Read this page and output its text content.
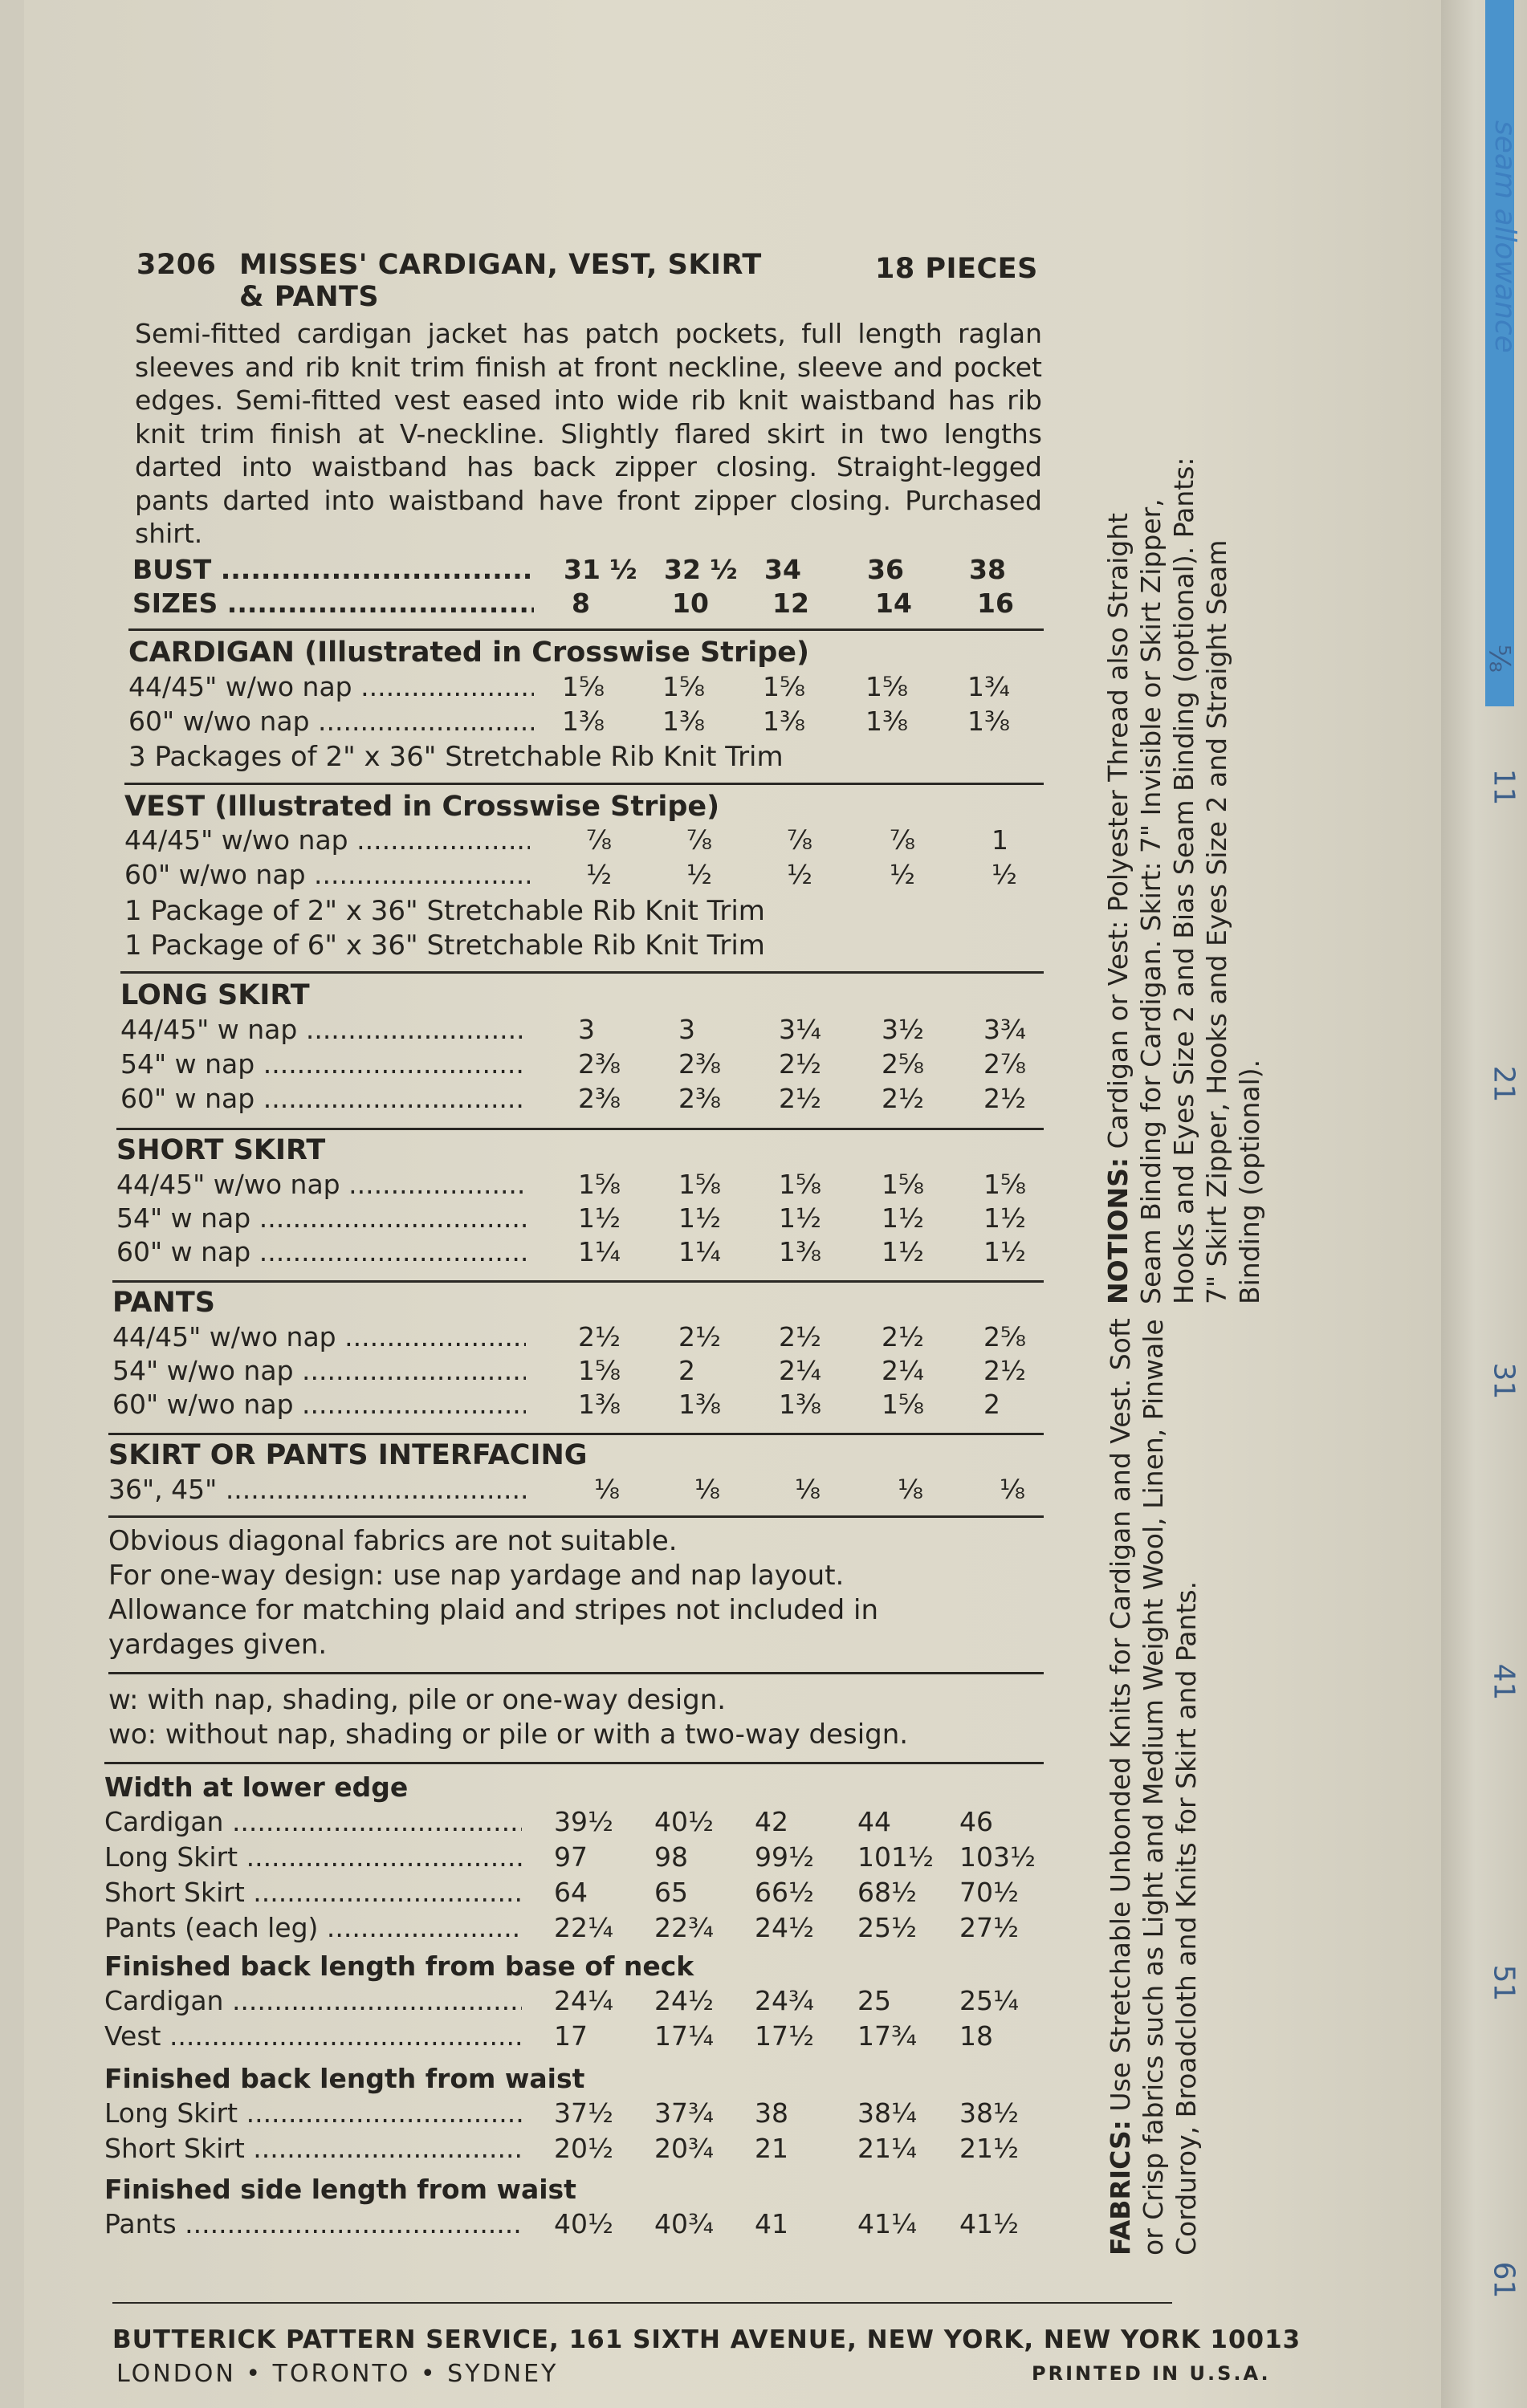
seam allowance
⅝
11
21
31
41
51
61
3206 MISSES' CARDIGAN, VEST, SKIRT
& PANTS
18 PIECES
Semi-fitted cardigan jacket has patch pockets, full length raglan sleeves and rib knit trim finish at front neckline, sleeve and pocket edges. Semi-fitted vest eased into wide rib knit waistband has rib knit trim finish at V-neckline. Slightly flared skirt in two lengths darted into waistband has back zipper closing. Straight-legged pants darted into waistband have front zipper closing. Purchased shirt.
BUST .....	31 ½	32 ½	34	36	38
SIZES .....	8	10	12	14	16
CARDIGAN (Illustrated in Crosswise Stripe)
44/45" w/wo nap .....	1⅝	1⅝	1⅝	1⅝	1¾
60" w/wo nap .....	1⅜	1⅜	1⅜	1⅜	1⅜
3 Packages of 2" x 36" Stretchable Rib Knit Trim
VEST (Illustrated in Crosswise Stripe)
44/45" w/wo nap .....	⅞	⅞	⅞	⅞	1
60" w/wo nap .....	½	½	½	½	½
1 Package of 2" x 36" Stretchable Rib Knit Trim
1 Package of 6" x 36" Stretchable Rib Knit Trim
LONG SKIRT
44/45" w nap .....	3	3	3¼	3½	3¾
54" w nap .....	2⅜	2⅜	2½	2⅝	2⅞
60" w nap .....	2⅜	2⅜	2½	2½	2½
SHORT SKIRT
44/45" w/wo nap .....	1⅝	1⅝	1⅝	1⅝	1⅝
54" w nap .....	1½	1½	1½	1½	1½
60" w nap .....	1¼	1¼	1⅜	1½	1½
PANTS
44/45" w/wo nap .....	2½	2½	2½	2½	2⅝
54" w/wo nap .....	1⅝	2	2¼	2¼	2½
60" w/wo nap .....	1⅜	1⅜	1⅜	1⅝	2
SKIRT OR PANTS INTERFACING
36", 45" .....	⅛	⅛	⅛	⅛	⅛
Obvious diagonal fabrics are not suitable.
For one-way design: use nap yardage and nap layout.
Allowance for matching plaid and stripes not included in
yardages given.
w: with nap, shading, pile or one-way design.
wo: without nap, shading or pile or with a two-way design.
Width at lower edge
Cardigan .....	39½	40½	42	44	46
Long Skirt .....	97	98	99½	101½ 103½
Short Skirt .....	64	65	66½	68½	70½
Pants (each leg) .....	22¼	22¾	24½	25½	27½
Finished back length from base of neck
Cardigan .....	24¼	24½	24¾	25	25¼
Vest .....	17	17¼	17½	17¾	18
Finished back length from waist
Long Skirt .....	37½	37¾	38	38¼	38½
Short Skirt .....	20½	20¾	21	21¼	21½
Finished side length from waist
Pants .....	40½	40¾	41	41¼	41½
NOTIONS: Cardigan or Vest: Polyester Thread also Straight Seam Binding for Cardigan. Skirt: 7" Invisible or Skirt Zipper, Hooks and Eyes Size 2 and Bias Seam Binding (optional). Pants: 7" Skirt Zipper, Hooks and Eyes Size 2 and Straight Seam Binding (optional).
FABRICS: Use Stretchable Unbonded Knits for Cardigan and Vest. Soft or Crisp fabrics such as Light and Medium Weight Wool, Linen, Pinwale Corduroy, Broadcloth and Knits for Skirt and Pants.
BUTTERICK PATTERN SERVICE, 161 SIXTH AVENUE, NEW YORK, NEW YORK 10013
LONDON • TORONTO • SYDNEY	PRINTED IN U.S.A.
